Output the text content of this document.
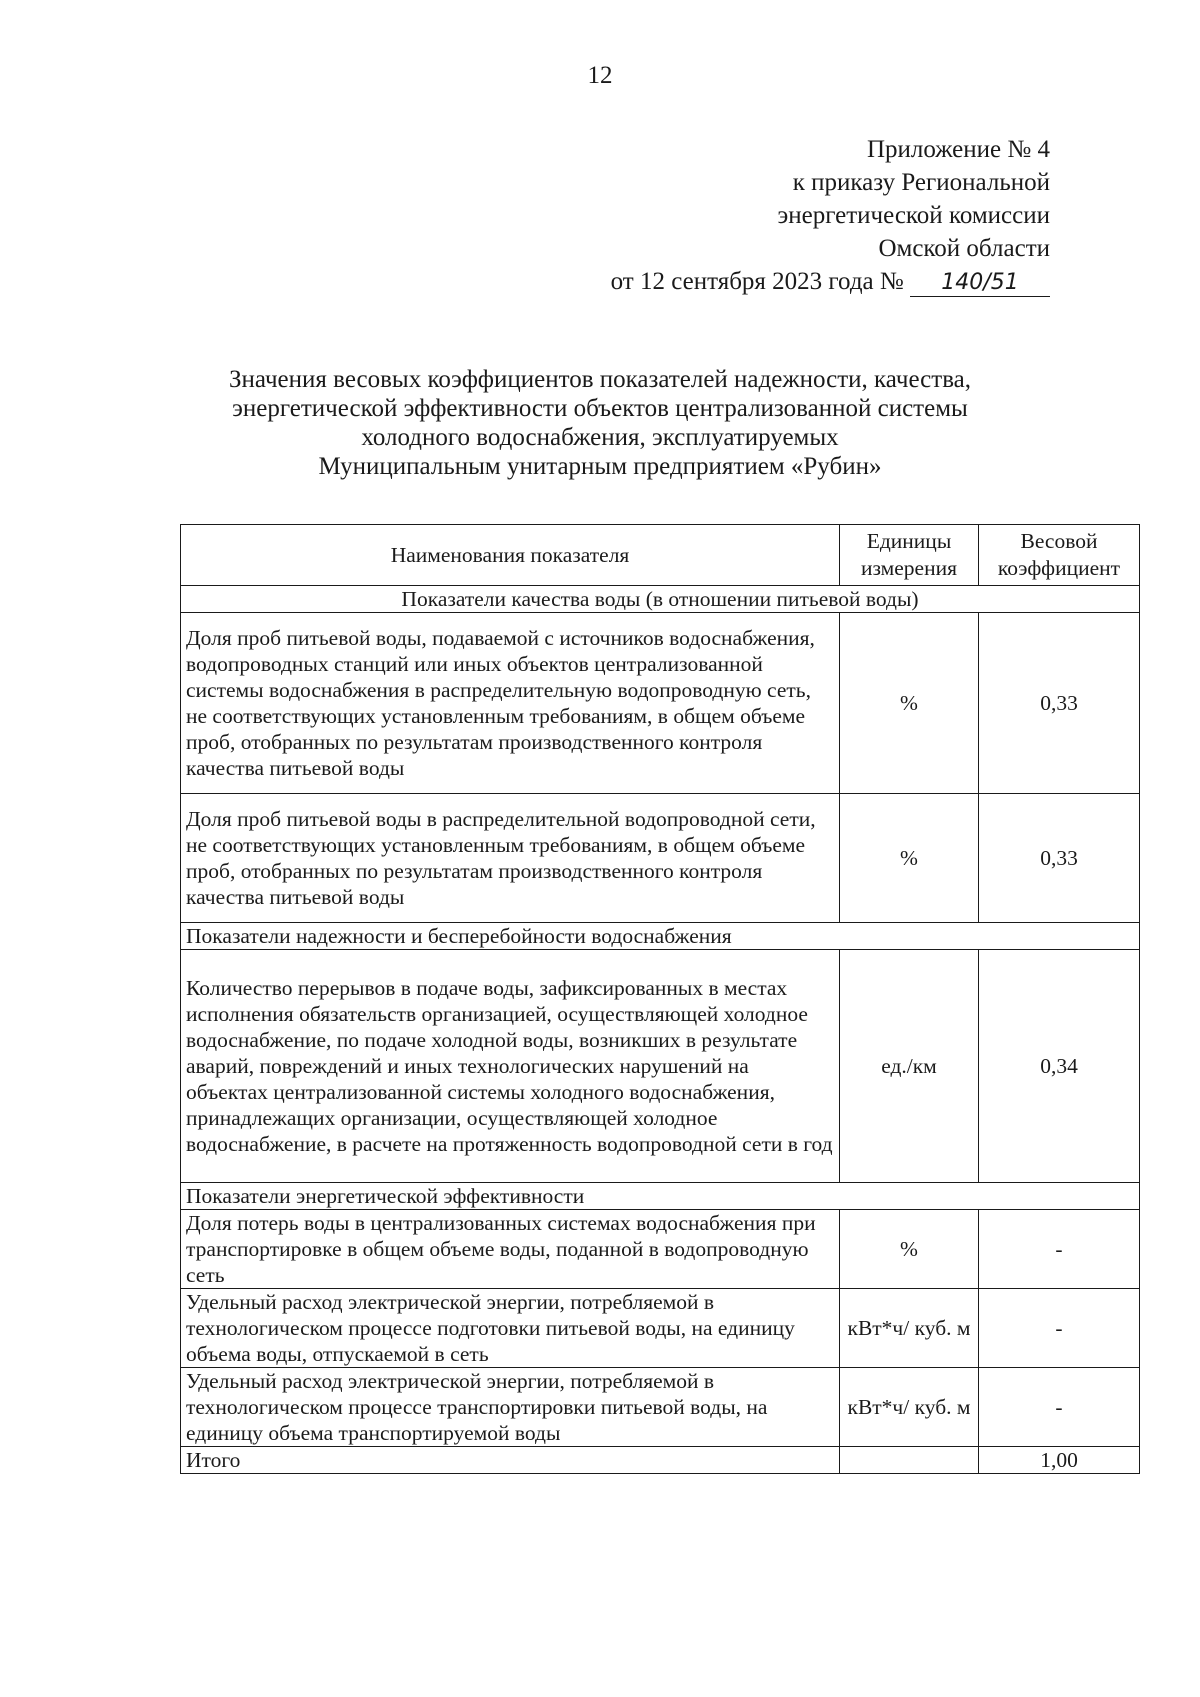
12
Приложение № 4
к приказу Региональной
энергетической комиссии
Омской области
от 12 сентября 2023 года № 140/51
Значения весовых коэффициентов показателей надежности, качества,
энергетической эффективности объектов централизованной системы
холодного водоснабжения, эксплуатируемых
Муниципальным унитарным предприятием «Рубин»
Наименования показателя	Единицы измерения	Весовой коэффициент
Показатели качества воды (в отношении питьевой воды)		
Доля проб питьевой воды, подаваемой с источников водоснабжения, водопроводных станций или иных объектов централизованной системы водоснабжения в распределительную водопроводную сеть, не соответствующих установленным требованиям, в общем объеме проб, отобранных по результатам производственного контроля качества питьевой воды	%	0,33
Доля проб питьевой воды в распределительной водопроводной сети, не соответствующих установленным требованиям, в общем объеме проб, отобранных по результатам производственного контроля качества питьевой воды	%	0,33
Показатели надежности и бесперебойности водоснабжения		
Количество перерывов в подаче воды, зафиксированных в местах исполнения обязательств организацией, осуществляющей холодное водоснабжение, по подаче холодной воды, возникших в результате аварий, повреждений и иных технологических нарушений на объектах централизованной системы холодного водоснабжения, принадлежащих организации, осуществляющей холодное водоснабжение, в расчете на протяженность водопроводной сети в год	ед./км	0,34
Показатели энергетической эффективности		
Доля потерь воды в централизованных системах водоснабжения при транспортировке в общем объеме воды, поданной в водопроводную сеть	%	-
Удельный расход электрической энергии, потребляемой в технологическом процессе подготовки питьевой воды, на единицу объема воды, отпускаемой в сеть	кВт*ч/ куб. м	-
Удельный расход электрической энергии, потребляемой в технологическом процессе транспортировки питьевой воды, на единицу объема транспортируемой воды	кВт*ч/ куб. м	-
Итого		1,00
